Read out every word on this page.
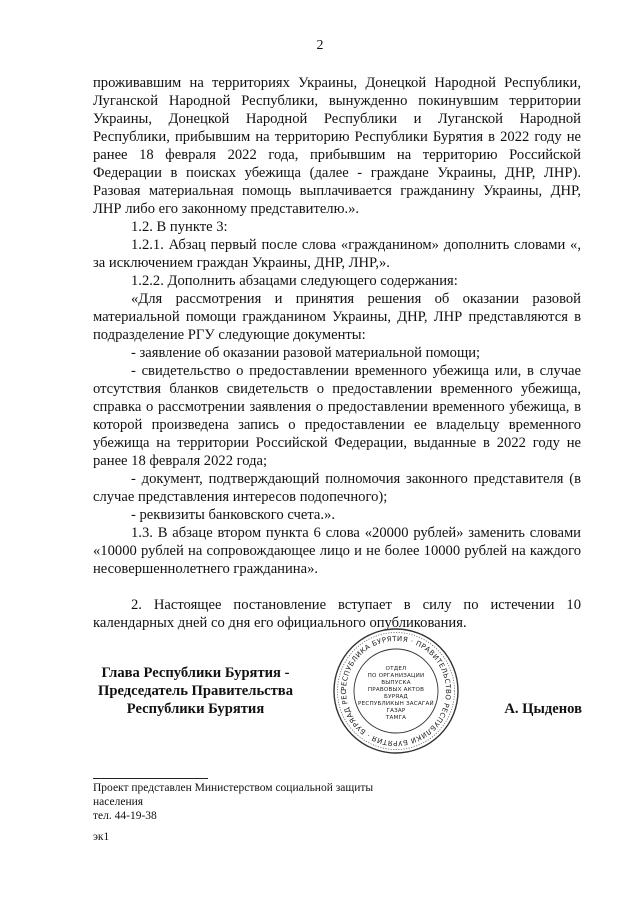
2

проживавшим на территориях Украины, Донецкой Народной Республики, Луганской Народной Республики, вынужденно покинувшим территории Украины, Донецкой Народной Республики и Луганской Народной Республики, прибывшим на территорию Республики Бурятия в 2022 году не ранее 18 февраля 2022 года, прибывшим на территорию Российской Федерации в поисках убежища (далее - граждане Украины, ДНР, ЛНР). Разовая материальная помощь выплачивается гражданину Украины, ДНР, ЛНР либо его законному представителю.».

1.2. В пункте 3:

1.2.1. Абзац первый после слова «гражданином» дополнить словами «, за исключением граждан Украины, ДНР, ЛНР,».

1.2.2. Дополнить абзацами следующего содержания:

«Для рассмотрения и принятия решения об оказании разовой материальной помощи гражданином Украины, ДНР, ЛНР представляются в подразделение РГУ следующие документы:

- заявление об оказании разовой материальной помощи;

- свидетельство о предоставлении временного убежища или, в случае отсутствия бланков свидетельств о предоставлении временного убежища, справка о рассмотрении заявления о предоставлении временного убежища, в которой произведена запись о предоставлении ее владельцу временного убежища на территории Российской Федерации, выданные в 2022 году не ранее 18 февраля 2022 года;

- документ, подтверждающий полномочия законного представителя (в случае представления интересов подопечного);

- реквизиты банковского счета.».

1.3. В абзаце втором пункта 6 слова «20000 рублей» заменить словами «10000 рублей на сопровождающее лицо и не более 10000 рублей на каждого несовершеннолетнего гражданина».

2. Настоящее постановление вступает в силу по истечении 10 календарных дней со дня его официального опубликования.

Глава Республики Бурятия -
Председатель Правительства
Республики Бурятия
РЕСПУБЛИКА БУРЯТИЯ · ПРАВИТЕЛЬСТВО РЕСПУБЛИКИ БУРЯТИЯ · БУРЯАД РЕС
ОТДЕЛ
ПО ОРГАНИЗАЦИИ
ВЫПУСКА
ПРАВОВЫХ АКТОВ
БУРЯАД
РЕСПУБЛИКЫН ЗАСАГАЙ
ГАЗАР
ТАМГА
А. Цыденов
Проект представлен Министерством социальной защиты
населения
тел. 44-19-38
эк1
